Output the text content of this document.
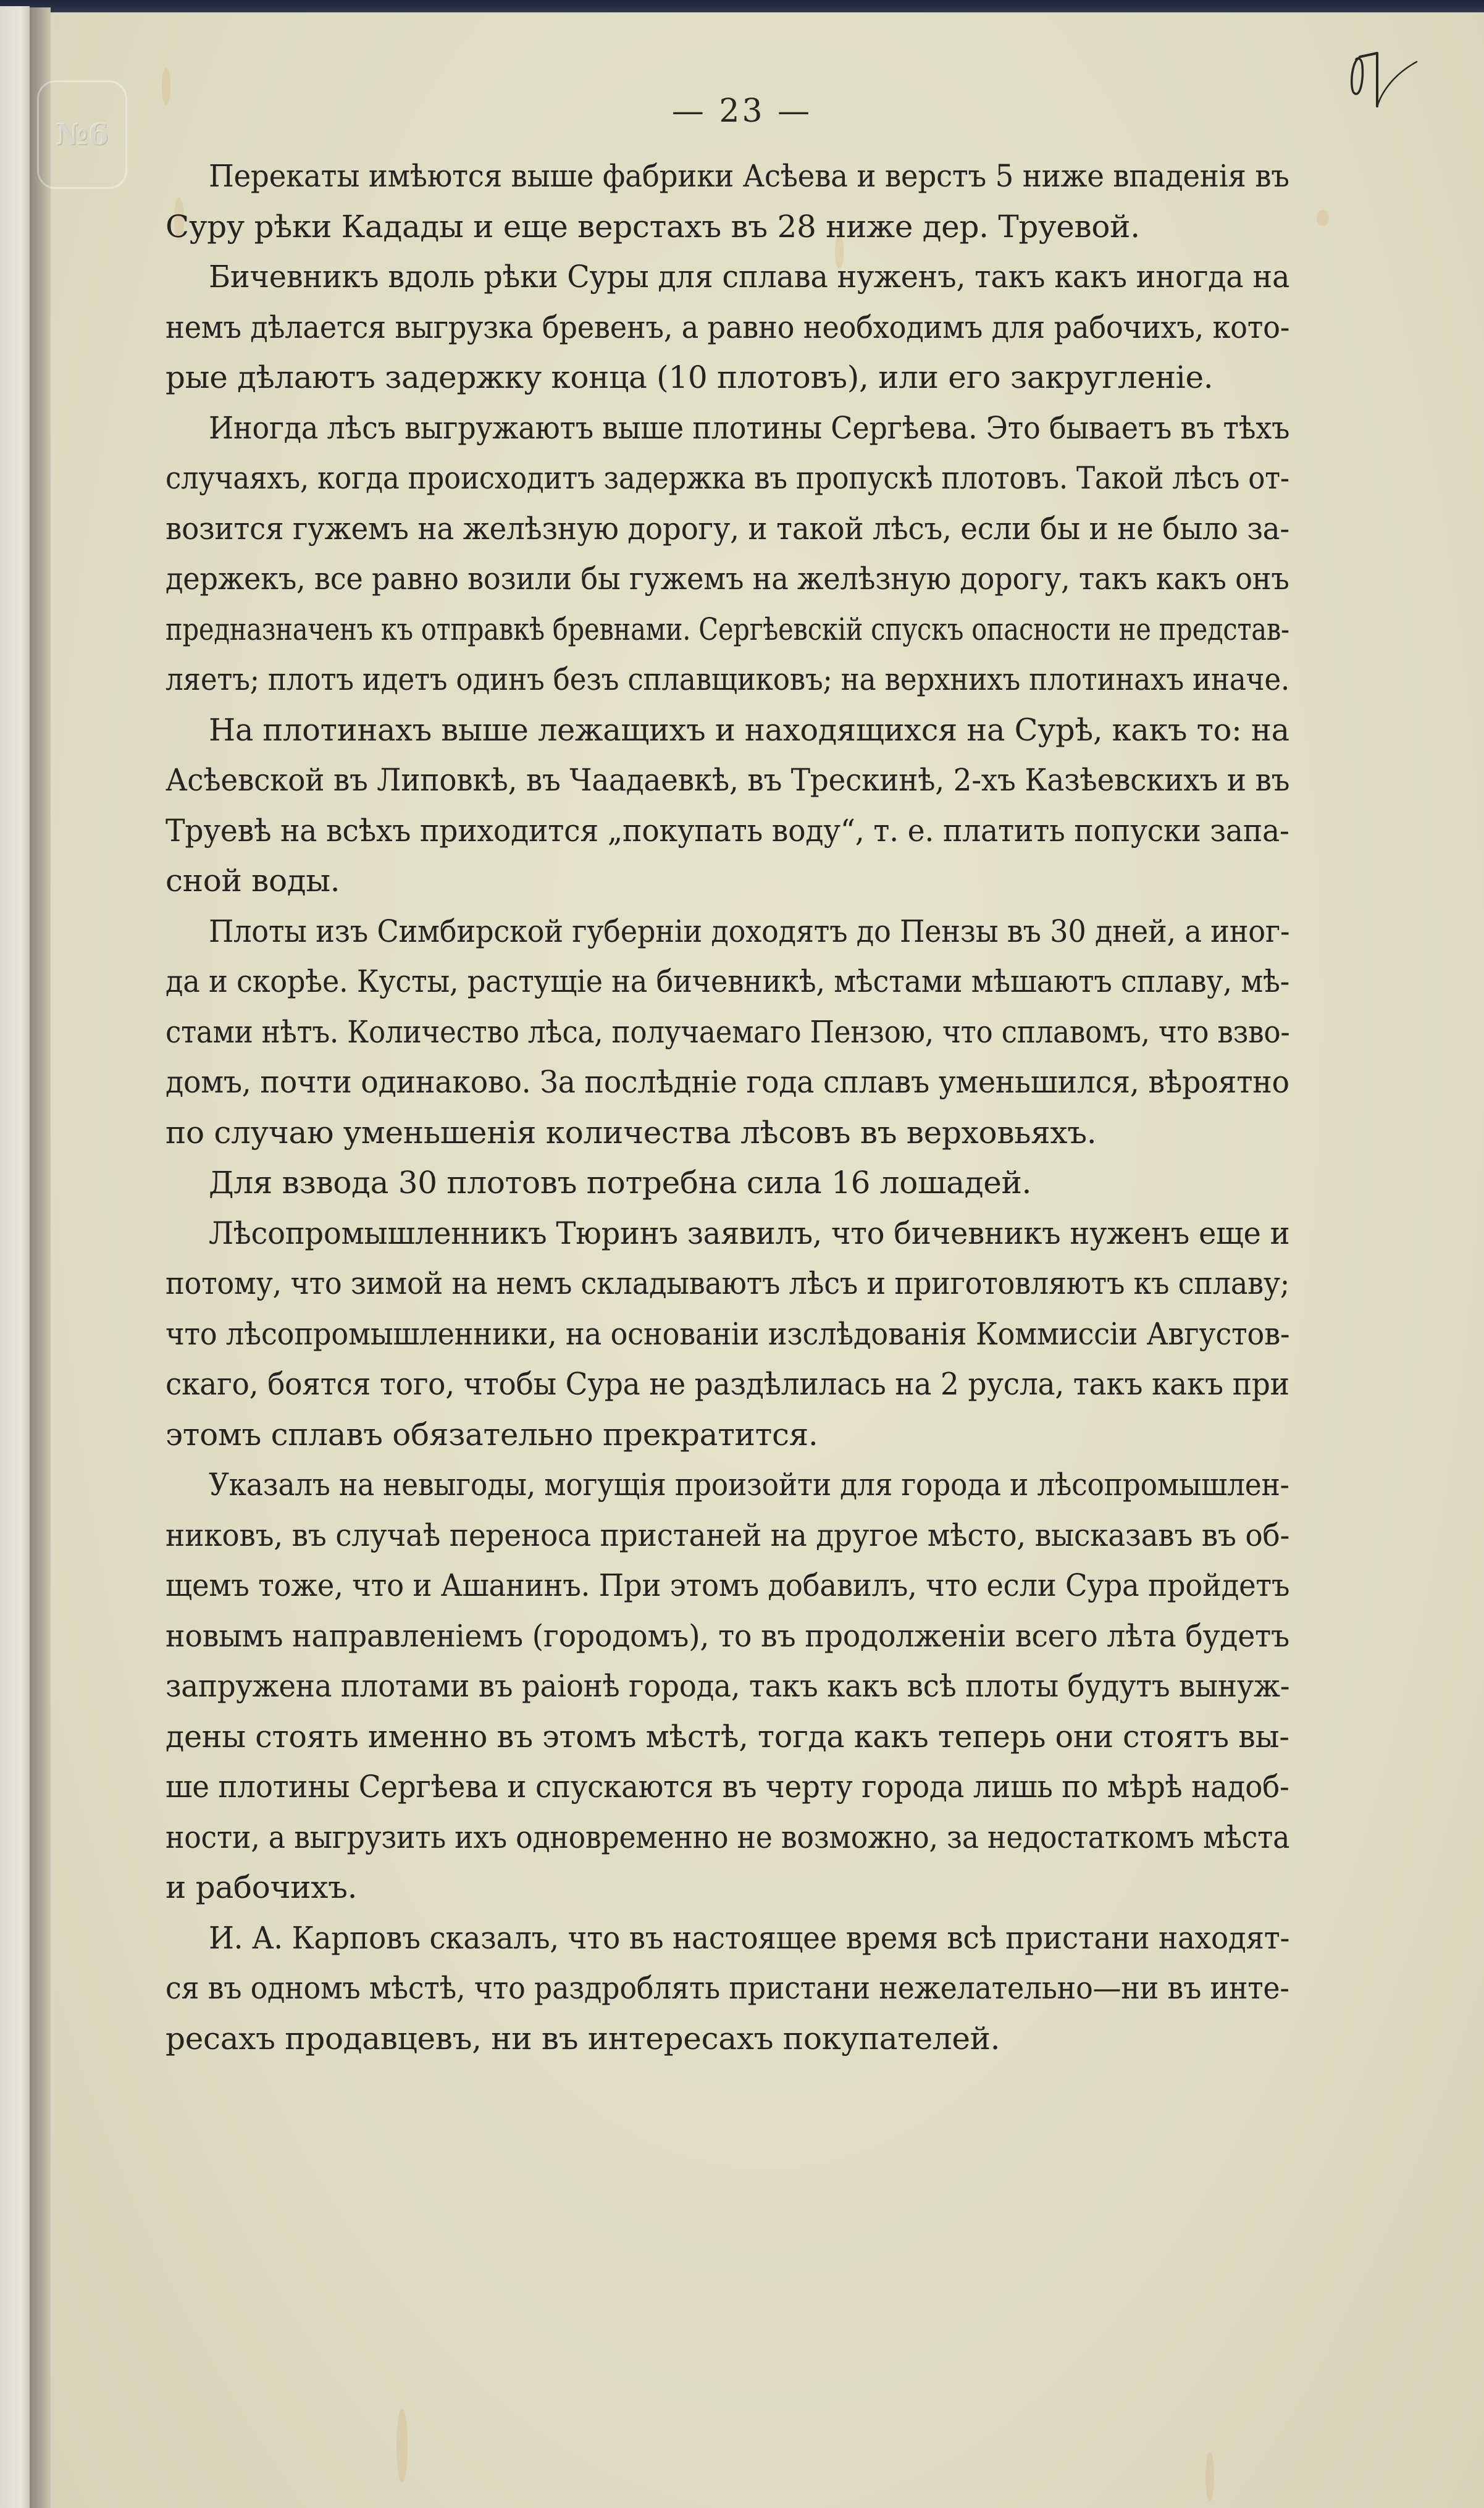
№6
— 23 —
Перекаты имѣются выше фабрики Асѣева и верстъ 5 ниже впаденія въ
Суру рѣки Кадады и еще верстахъ въ 28 ниже дер. Труевой.
Бичевникъ вдоль рѣки Суры для сплава нуженъ, такъ какъ иногда на
немъ дѣлается выгрузка бревенъ, а равно необходимъ для рабочихъ, кото-
рые дѣлаютъ задержку конца (10 плотовъ), или его закругленіе.
Иногда лѣсъ выгружаютъ выше плотины Сергѣева. Это бываетъ въ тѣхъ
случаяхъ, когда происходитъ задержка въ пропускѣ плотовъ. Такой лѣсъ от-
возится гужемъ на желѣзную дорогу, и такой лѣсъ, если бы и не было за-
держекъ, все равно возили бы гужемъ на желѣзную дорогу, такъ какъ онъ
предназначенъ къ отправкѣ бревнами. Сергѣевскій спускъ опасности не представ-
ляетъ; плотъ идетъ одинъ безъ сплавщиковъ; на верхнихъ плотинахъ иначе.
На плотинахъ выше лежащихъ и находящихся на Сурѣ, какъ то: на
Асѣевской въ Липовкѣ, въ Чаадаевкѣ, въ Трескинѣ, 2-хъ Казѣевскихъ и въ
Труевѣ на всѣхъ приходится „покупать воду“, т. е. платить попуски запа-
сной воды.
Плоты изъ Симбирской губерніи доходятъ до Пензы въ 30 дней, а иног-
да и скорѣе. Кусты, растущіе на бичевникѣ, мѣстами мѣшаютъ сплаву, мѣ-
стами нѣтъ. Количество лѣса, получаемаго Пензою, что сплавомъ, что взво-
домъ, почти одинаково. За послѣдніе года сплавъ уменьшился, вѣроятно
по случаю уменьшенія количества лѣсовъ въ верховьяхъ.
Для взвода 30 плотовъ потребна сила 16 лошадей.
Лѣсопромышленникъ Тюринъ заявилъ, что бичевникъ нуженъ еще и
потому, что зимой на немъ складываютъ лѣсъ и приготовляютъ къ сплаву;
что лѣсопромышленники, на основаніи изслѣдованія Коммиссіи Августов-
скаго, боятся того, чтобы Сура не раздѣлилась на 2 русла, такъ какъ при
этомъ сплавъ обязательно прекратится.
Указалъ на невыгоды, могущія произойти для города и лѣсопромышлен-
никовъ, въ случаѣ переноса пристаней на другое мѣсто, высказавъ въ об-
щемъ тоже, что и Ашанинъ. При этомъ добавилъ, что если Сура пройдетъ
новымъ направленіемъ (городомъ), то въ продолженіи всего лѣта будетъ
запружена плотами въ раіонѣ города, такъ какъ всѣ плоты будутъ вынуж-
дены стоять именно въ этомъ мѣстѣ, тогда какъ теперь они стоятъ вы-
ше плотины Сергѣева и спускаются въ черту города лишь по мѣрѣ надоб-
ности, а выгрузить ихъ одновременно не возможно, за недостаткомъ мѣста
и рабочихъ.
И. А. Карповъ сказалъ, что въ настоящее время всѣ пристани находят-
ся въ одномъ мѣстѣ, что раздроблять пристани нежелательно—ни въ инте-
ресахъ продавцевъ, ни въ интересахъ покупателей.
